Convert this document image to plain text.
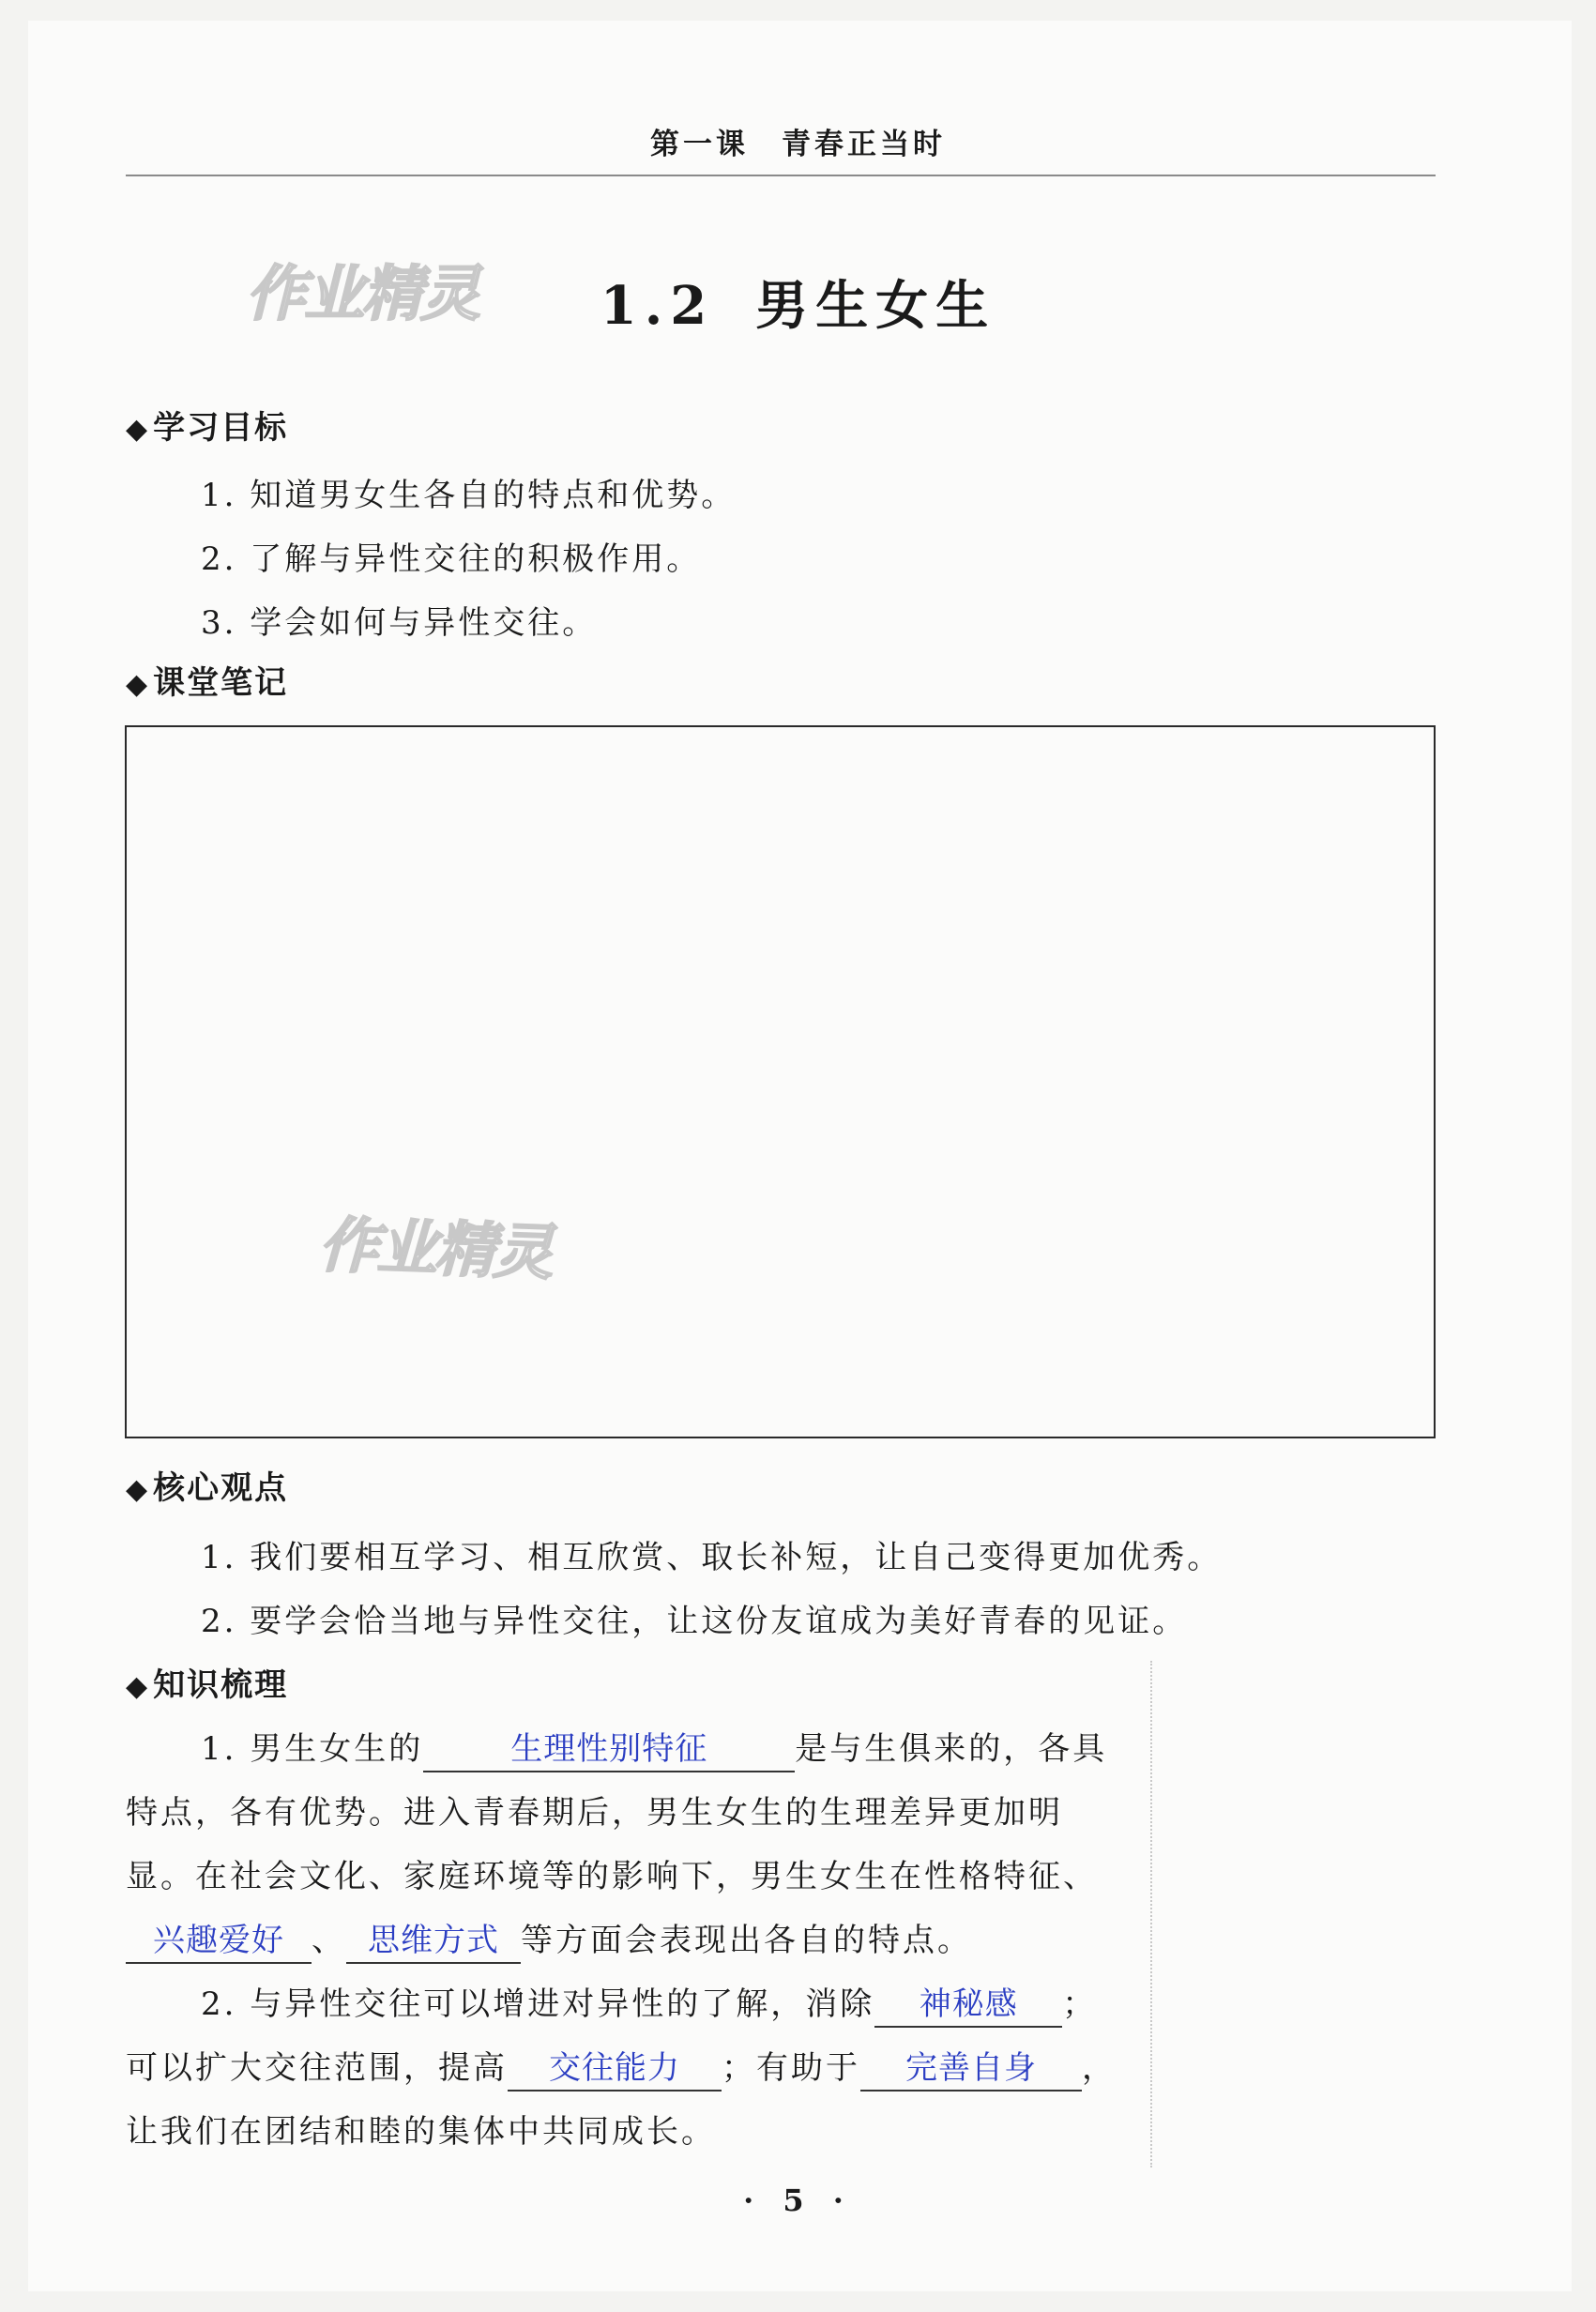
第一课　青春正当时
作业精灵
作业精灵
1.2 男生女生
◆ 学习目标
1. 知道男女生各自的特点和优势。
2. 了解与异性交往的积极作用。
3. 学会如何与异性交往。
◆ 课堂笔记
◆ 核心观点
1. 我们要相互学习、相互欣赏、取长补短，让自己变得更加优秀。
2. 要学会恰当地与异性交往，让这份友谊成为美好青春的见证。
◆ 知识梳理
1. 男生女生的	生理性别特征	是与生俱来的，各具
特点，各有优势。进入青春期后，男生女生的生理差异更加明
显。在社会文化、家庭环境等的影响下，男生女生在性格特征、
兴趣爱好 、 思维方式 等方面会表现出各自的特点。
2. 与异性交往可以增进对异性的了解，消除 神秘感 ；
可以扩大交往范围，提高 交往能力 ；有助于 完善自身 ，
让我们在团结和睦的集体中共同成长。
· 5 ·
